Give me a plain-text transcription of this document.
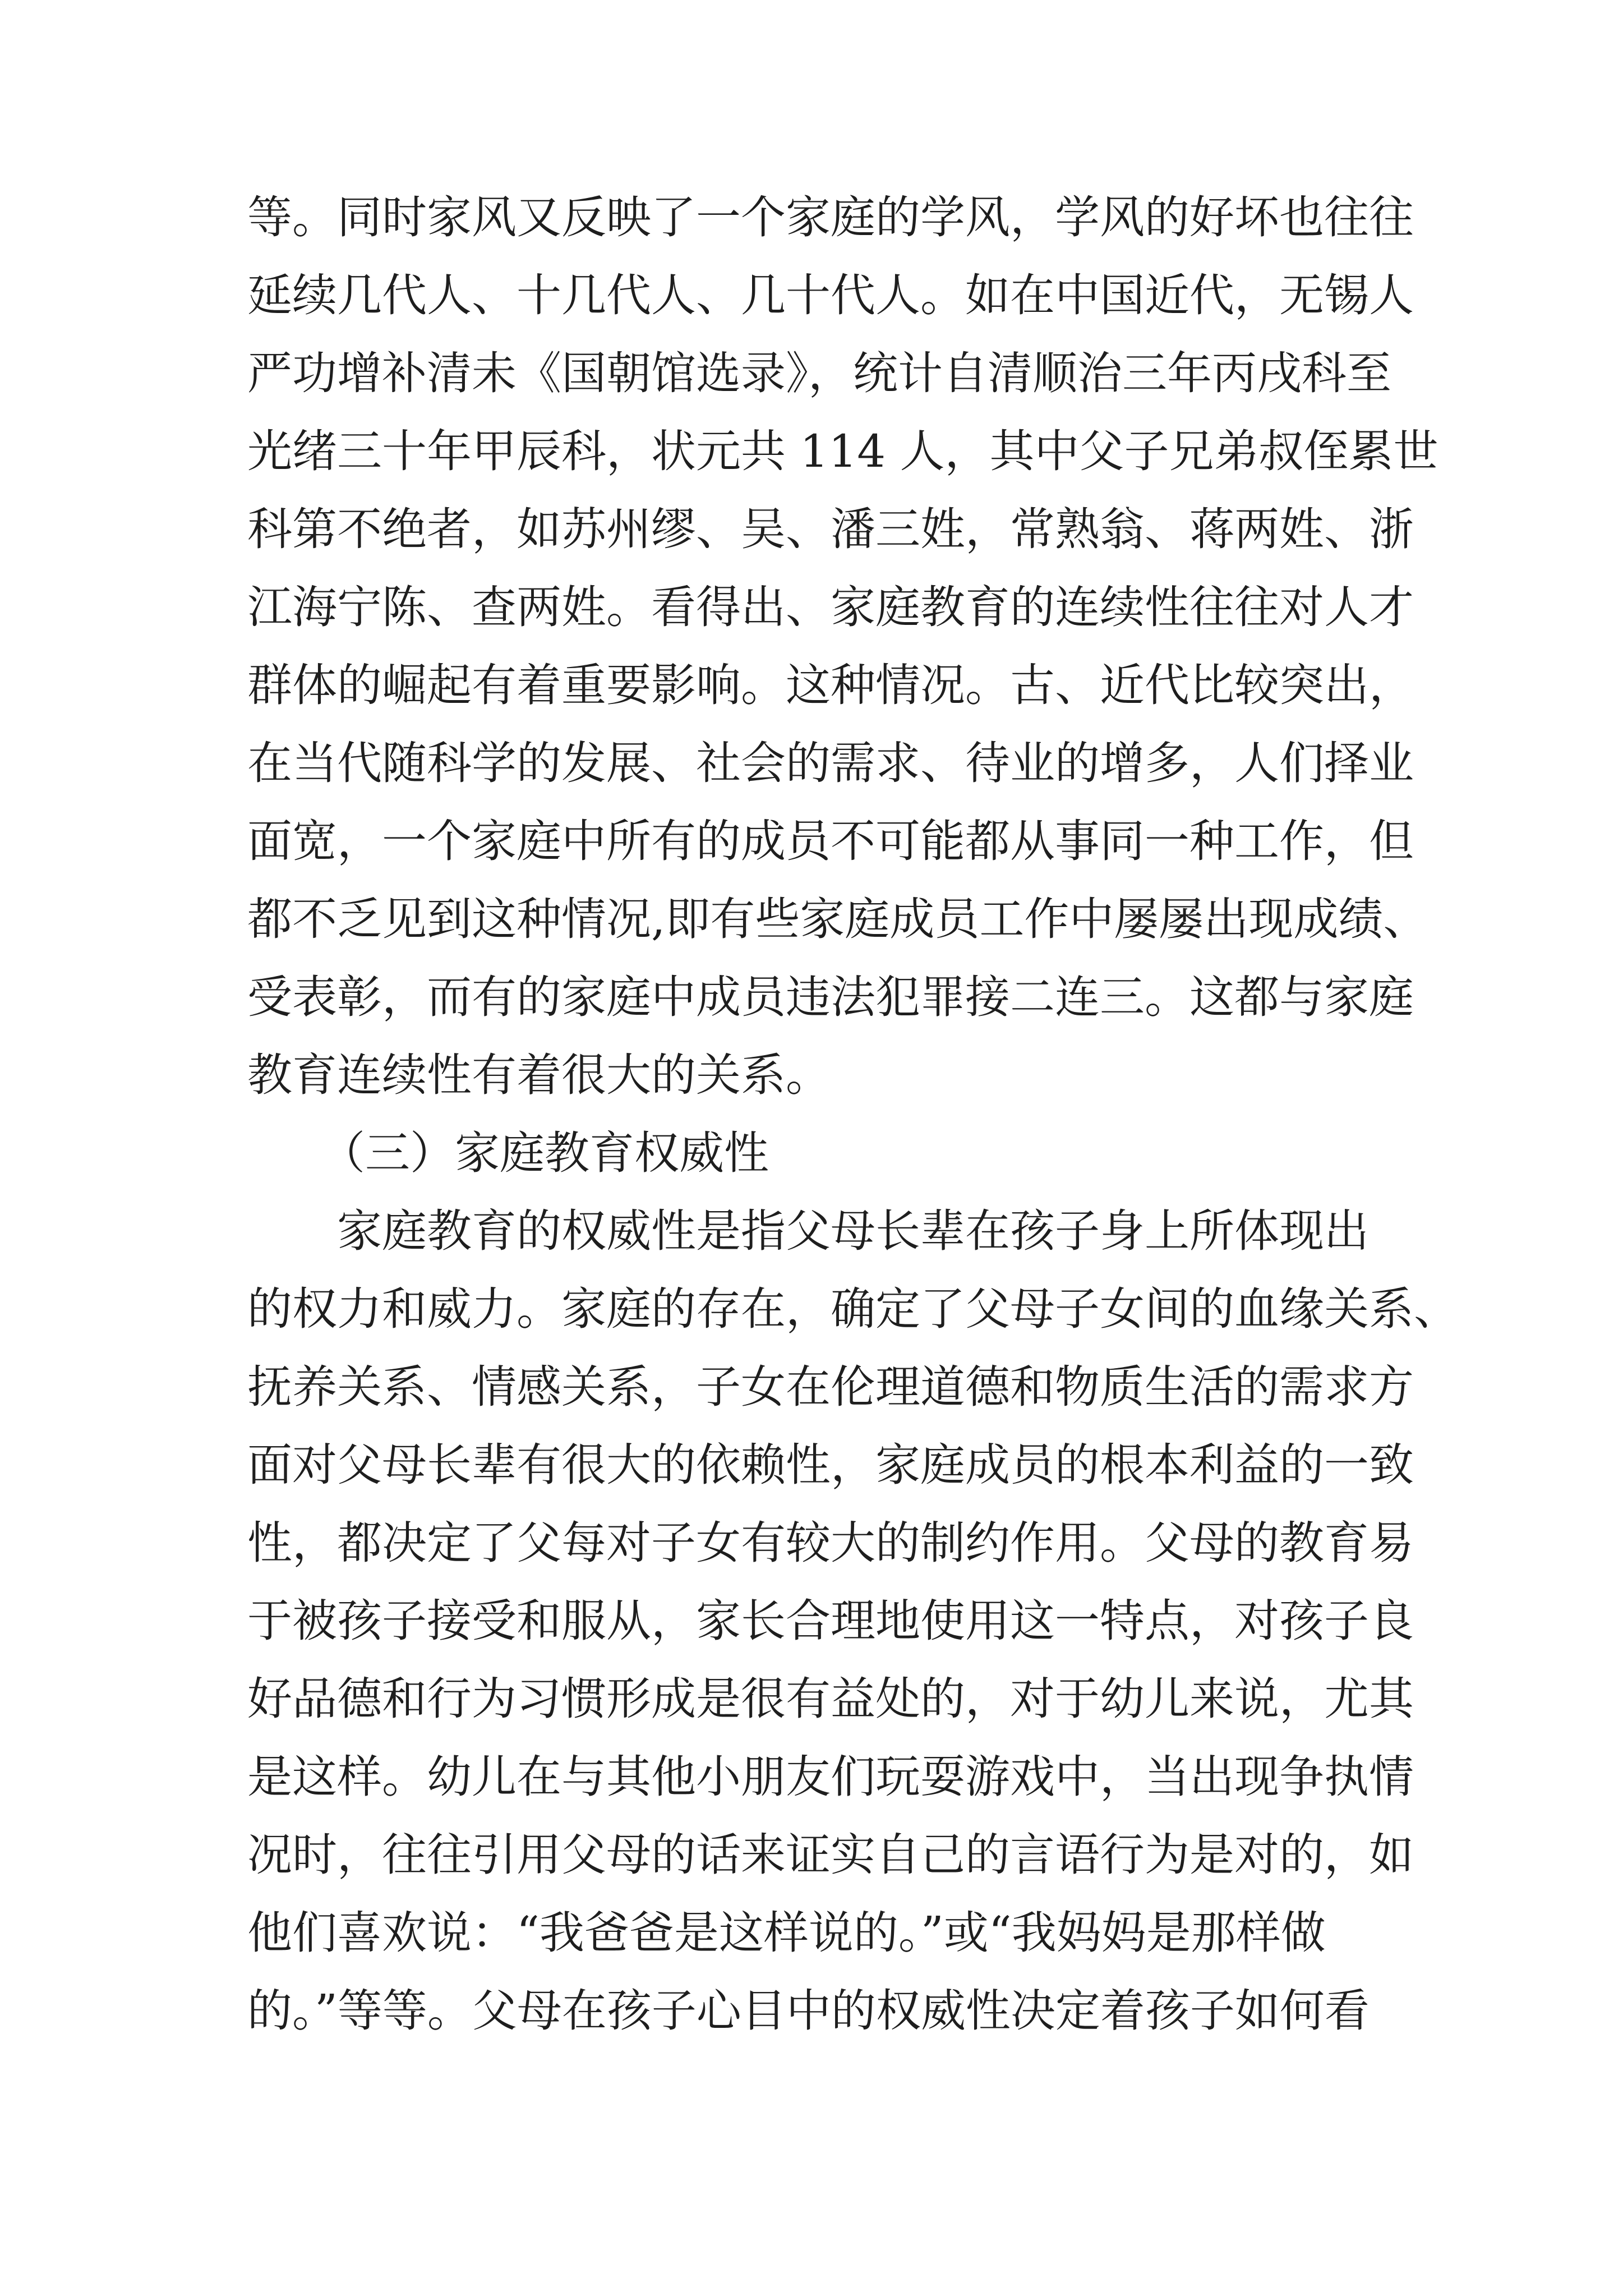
等。同时家风又反映了一个家庭的学风，学风的好坏也往往
延续几代人、十几代人、几十代人。如在中国近代，无锡人
严功增补清未《国朝馆选录》，统计自清顺治三年丙戌科至
光绪三十年甲辰科，状元共 114 人，其中父子兄弟叔侄累世
科第不绝者，如苏州缪、吴、潘三姓，常熟翁、蒋两姓、浙
江海宁陈、查两姓。看得出、家庭教育的连续性往往对人才
群体的崛起有着重要影响。这种情况。古、近代比较突出，
在当代随科学的发展、社会的需求、待业的增多，人们择业
面宽，一个家庭中所有的成员不可能都从事同一种工作，但
都不乏见到这种情况,即有些家庭成员工作中屡屡出现成绩、
受表彰，而有的家庭中成员违法犯罪接二连三。这都与家庭
教育连续性有着很大的关系。
（三）家庭教育权威性
家庭教育的权威性是指父母长辈在孩子身上所体现出
的权力和威力。家庭的存在，确定了父母子女间的血缘关系、
抚养关系、情感关系，子女在伦理道德和物质生活的需求方
面对父母长辈有很大的依赖性，家庭成员的根本利益的一致
性，都决定了父每对子女有较大的制约作用。父母的教育易
于被孩子接受和服从，家长合理地使用这一特点，对孩子良
好品德和行为习惯形成是很有益处的，对于幼儿来说，尤其
是这样。幼儿在与其他小朋友们玩耍游戏中，当出现争执情
况时，往往引用父母的话来证实自己的言语行为是对的，如
他们喜欢说：“我爸爸是这样说的。”或“我妈妈是那样做
的。”等等。父母在孩子心目中的权威性决定着孩子如何看
